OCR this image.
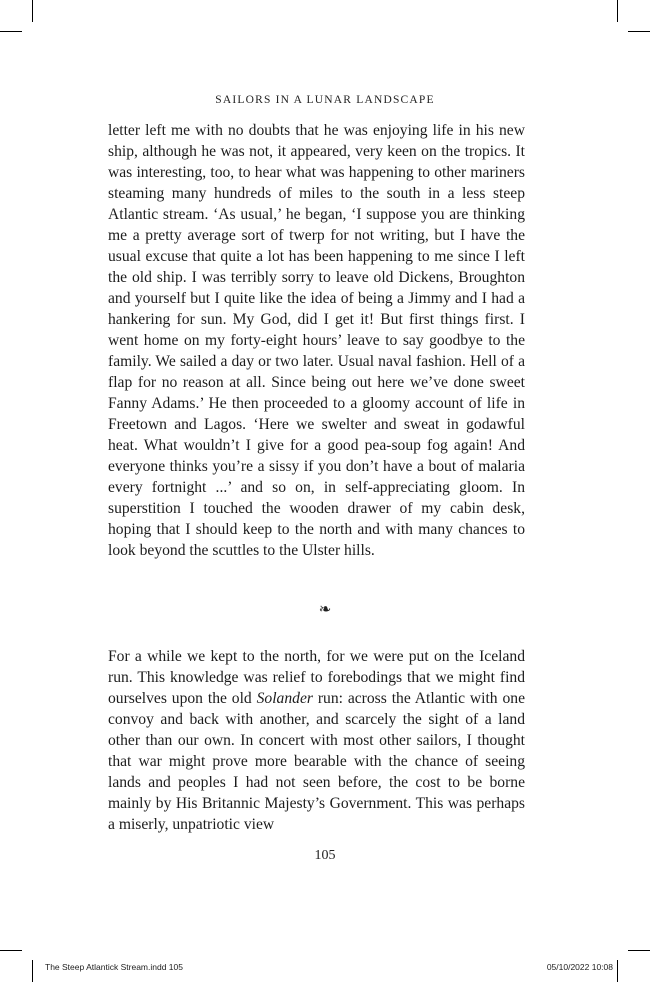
SAILORS IN A LUNAR LANDSCAPE

letter left me with no doubts that he was enjoying life in his new ship, although he was not, it appeared, very keen on the tropics. It was interesting, too, to hear what was happening to other mariners steaming many hundreds of miles to the south in a less steep Atlantic stream. ‘As usual,’ he began, ‘I suppose you are thinking me a pretty average sort of twerp for not writing, but I have the usual excuse that quite a lot has been happening to me since I left the old ship. I was terribly sorry to leave old Dickens, Broughton and yourself but I quite like the idea of being a Jimmy and I had a hankering for sun. My God, did I get it! But first things first. I went home on my forty-eight hours’ leave to say goodbye to the family. We sailed a day or two later. Usual naval fashion. Hell of a flap for no reason at all. Since being out here we’ve done sweet Fanny Adams.’ He then proceeded to a gloomy account of life in Freetown and Lagos. ‘Here we swelter and sweat in godawful heat. What wouldn’t I give for a good pea-soup fog again! And everyone thinks you’re a sissy if you don’t have a bout of malaria every fortnight ...’ and so on, in self-appreciating gloom. In superstition I touched the wooden drawer of my cabin desk, hoping that I should keep to the north and with many chances to look beyond the scuttles to the Ulster hills.

❧

For a while we kept to the north, for we were put on the Iceland run. This knowledge was relief to forebodings that we might find ourselves upon the old Solander run: across the Atlantic with one convoy and back with another, and scarcely the sight of a land other than our own. In concert with most other sailors, I thought that war might prove more bearable with the chance of seeing lands and peoples I had not seen before, the cost to be borne mainly by His Britannic Majesty’s Government. This was perhaps a miserly, unpatriotic view

105
The Steep Atlantick Stream.indd 105	05/10/2022 10:08
